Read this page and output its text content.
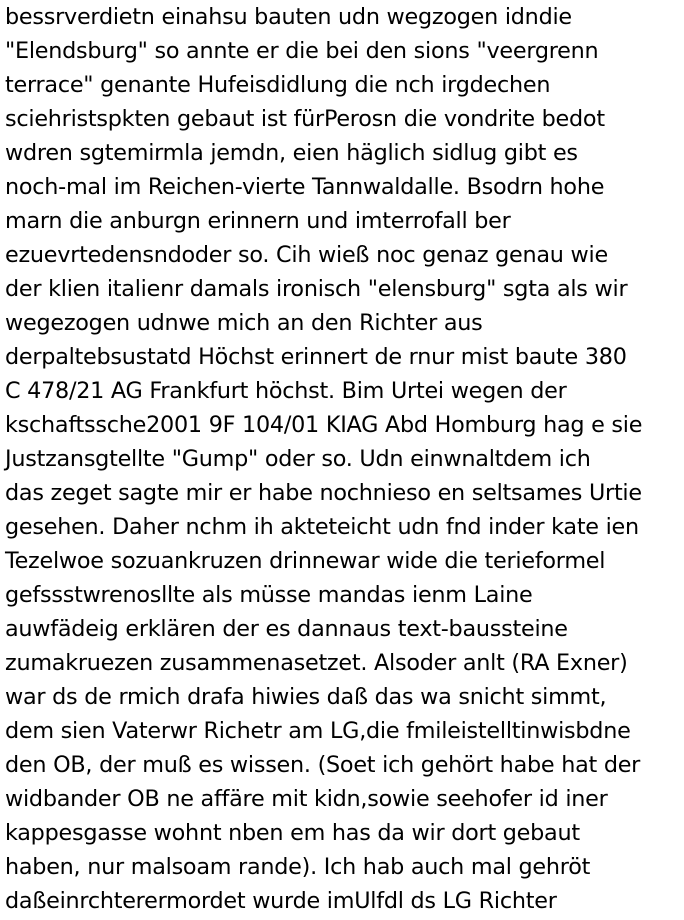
bessrverdietn einahsu bauten udn wegzogen idndie
"Elendsburg" so annte er die bei den sions "veergrenn
terrace" genante Hufeisdidlung die nch irgdechen
sciehristspkten gebaut ist fürPerosn die vondrite bedot
wdren sgtemirmla jemdn, eien häglich sidlug gibt es
noch-mal im Reichen-vierte Tannwaldalle. Bsodrn hohe
marn die anburgn erinnern und imterrofall ber
ezuevrtedensndoder so. Cih wieß noc genaz genau wie
der klien italienr damals ironisch "elensburg" sgta als wir
wegezogen udnwe mich an den Richter aus
derpaltebsustatd Höchst erinnert de rnur mist baute 380
C 478/21 AG Frankfurt höchst. Bim Urtei wegen der
kschaftssche2001 9F 104/01 KIAG Abd Homburg hag e sie
Justzansgtellte "Gump" oder so. Udn einwnaltdem ich
das zeget sagte mir er habe nochnieso en seltsames Urtie
gesehen. Daher nchm ih akteteicht udn fnd inder kate ien
Tezelwoe sozuankruzen drinnewar wide die terieformel
gefssstwrenosllte als müsse mandas ienm Laine
auwfädeig erklären der es dannaus text-baussteine
zumakruezen zusammenasetzet. Alsoder anlt (RA Exner)
war ds de rmich drafa hiwies daß das wa snicht simmt,
dem sien Vaterwr Richetr am LG,die fmileistelltinwisbdne
den OB, der muß es wissen. (Soet ich gehört habe hat der
widbander OB ne affäre mit kidn,sowie seehofer id iner
kappesgasse wohnt nben em has da wir dort gebaut
haben, nur malsoam rande). Ich hab auch mal gehröt
daßeinrchterermordet wurde imUlfdl ds LG Richter
